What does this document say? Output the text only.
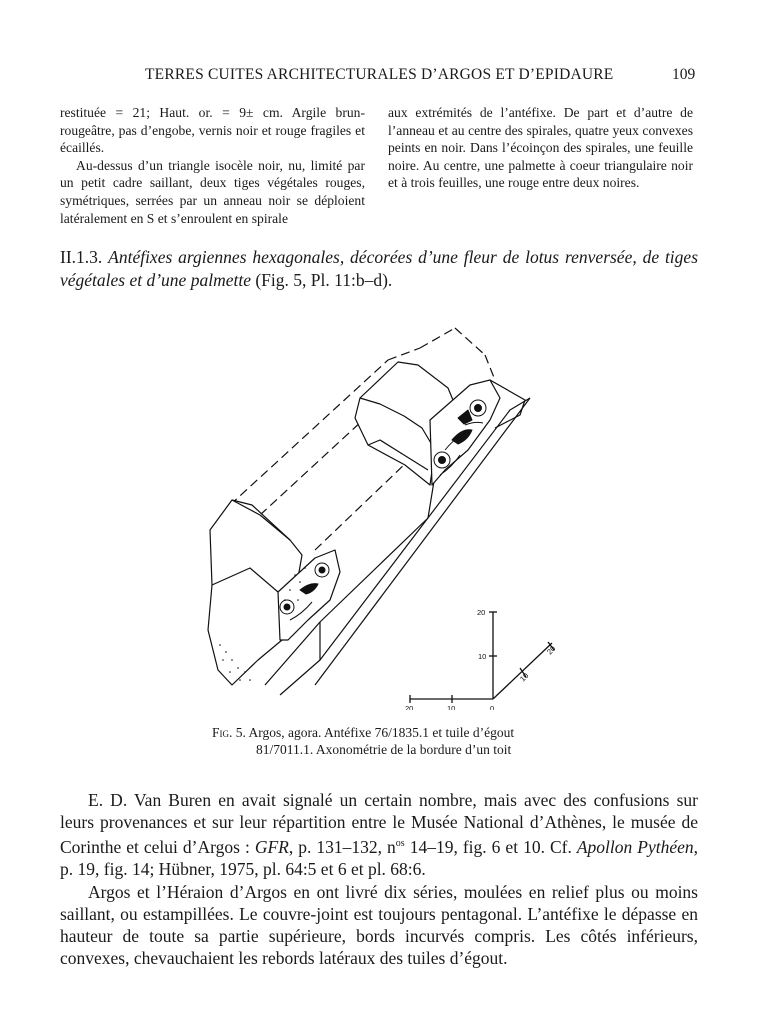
TERRES CUITES ARCHITECTURALES D’ARGOS ET D’EPIDAURE	109

restituée = 21; Haut. or. = 9± cm. Argile brun-rougeâtre, pas d’engobe, vernis noir et rouge fragiles et écaillés.

Au-dessus d’un triangle isocèle noir, nu, limité par un petit cadre saillant, deux tiges végétales rouges, symétriques, serrées par un anneau noir se déploient latéralement en S et s’enroulent en spirale

aux extrémités de l’antéfixe. De part et d’autre de l’anneau et au centre des spirales, quatre yeux convexes peints en noir. Dans l’écoinçon des spirales, une feuille noire. Au centre, une palmette à coeur triangulaire noir et à trois feuilles, une rouge entre deux noires.

II.1.3. Antéfixes argiennes hexagonales, décorées d’une fleur de lotus renversée, de tiges végétales et d’une palmette (Fig. 5, Pl. 11:b–d).
20
10
20	10	0
10
20
Fig. 5. Argos, agora. Antéfixe 76/1835.1 et tuile d’égout
81/7011.1. Axonométrie de la bordure d’un toit

E. D. Van Buren en avait signalé un certain nombre, mais avec des confusions sur leurs provenances et sur leur répartition entre le Musée National d’Athènes, le musée de Corinthe et celui d’Argos : GFR, p. 131–132, $n^{os}$ 14–19, fig. 6 et 10. Cf. Apollon Pythéen, p. 19, fig. 14; Hübner, 1975, pl. 64:5 et 6 et pl. 68:6.

Argos et l’Héraion d’Argos en ont livré dix séries, moulées en relief plus ou moins saillant, ou estampillées. Le couvre-joint est toujours pentagonal. L’antéfixe le dépasse en hauteur de toute sa partie supérieure, bords incurvés compris. Les côtés inférieurs, convexes, chevauchaient les rebords latéraux des tuiles d’égout.
